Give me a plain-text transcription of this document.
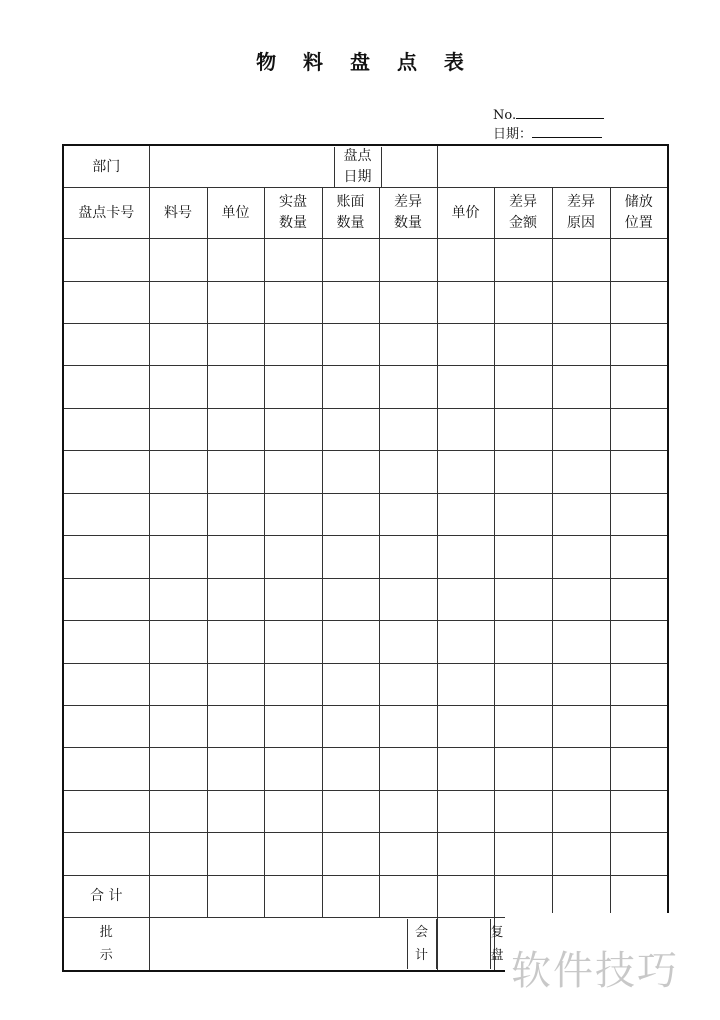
物 料 盘 点 表
No.
日期：
部门						盘点日期			

盘点卡号	料号	单位	实盘数量	账面数量	差异数量	单价	差异金额	差异原因	储放位置

合 计									
批示					会计		复盘		软件技巧
